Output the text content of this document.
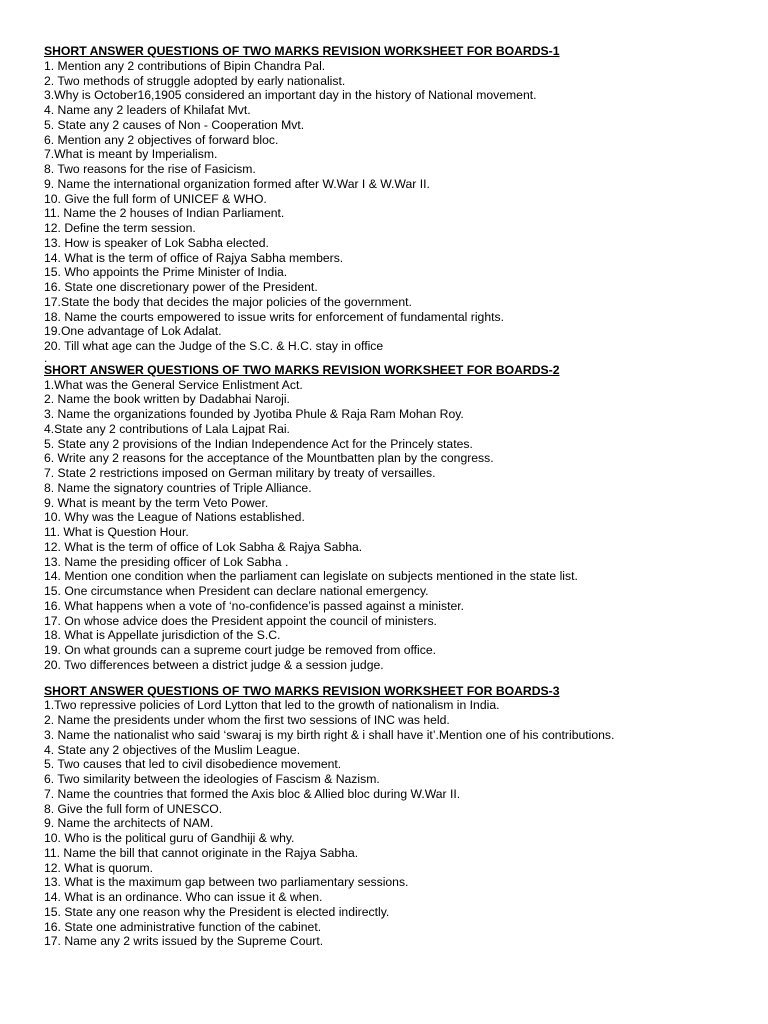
SHORT ANSWER QUESTIONS OF TWO MARKS REVISION WORKSHEET FOR BOARDS-1
1. Mention any 2 contributions of Bipin Chandra Pal.
2. Two methods of struggle adopted by early nationalist.
3.Why is October16,1905 considered an important day in the history of National movement.
4. Name any 2 leaders of Khilafat Mvt.
5. State any 2 causes of Non - Cooperation Mvt.
6. Mention any 2 objectives of forward bloc.
7.What is meant by Imperialism.
8. Two reasons for the rise of Fasicism.
9. Name the international organization formed after W.War I & W.War II.
10. Give the full form of UNICEF & WHO.
11. Name the 2 houses of Indian Parliament.
12. Define the term session.
13. How is speaker of Lok Sabha elected.
14. What is the term of office of Rajya Sabha members.
15. Who appoints the Prime Minister of India.
16. State one discretionary power of the President.
17.State the body that decides the major policies of the government.
18. Name the courts empowered to issue writs for enforcement of fundamental rights.
19.One advantage of Lok Adalat.
20. Till what age can the Judge of the S.C. & H.C. stay in office
.
SHORT ANSWER QUESTIONS OF TWO MARKS REVISION WORKSHEET FOR BOARDS-2
1.What was the General Service Enlistment Act.
2. Name the book written by Dadabhai Naroji.
3. Name the organizations founded by Jyotiba Phule & Raja Ram Mohan Roy.
4.State any 2 contributions of Lala Lajpat Rai.
5. State any 2 provisions of the Indian Independence Act for the Princely states.
6. Write any 2 reasons for the acceptance of the Mountbatten plan by the congress.
7. State 2 restrictions imposed on German military by treaty of versailles.
8. Name the signatory countries of Triple Alliance.
9. What is meant by the term Veto Power.
10. Why was the League of Nations established.
11. What is Question Hour.
12. What is the term of office of Lok Sabha & Rajya Sabha.
13. Name the presiding officer of Lok Sabha .
14. Mention one condition when the parliament can legislate on subjects mentioned in the state list.
15. One circumstance when President can declare national emergency.
16. What happens when a vote of ‘no-confidence’is passed against a minister.
17. On whose advice does the President appoint the council of ministers.
18. What is Appellate jurisdiction of the S.C.
19. On what grounds can a supreme court judge be removed from office.
20. Two differences between a district judge & a session judge.
SHORT ANSWER QUESTIONS OF TWO MARKS REVISION WORKSHEET FOR BOARDS-3
1.Two repressive policies of Lord Lytton that led to the growth of nationalism in India.
2. Name the presidents under whom the first two sessions of INC was held.
3. Name the nationalist who said ‘swaraj is my birth right & i shall have it’.Mention one of his contributions.
4. State any 2 objectives of the Muslim League.
5. Two causes that led to civil disobedience movement.
6. Two similarity between the ideologies of Fascism & Nazism.
7. Name the countries that formed the Axis bloc & Allied bloc during W.War II.
8. Give the full form of UNESCO.
9. Name the architects of NAM.
10. Who is the political guru of Gandhiji & why.
11. Name the bill that cannot originate in the Rajya Sabha.
12. What is quorum.
13. What is the maximum gap between two parliamentary sessions.
14. What is an ordinance. Who can issue it & when.
15. State any one reason why the President is elected indirectly.
16. State one administrative function of the cabinet.
17. Name any 2 writs issued by the Supreme Court.
